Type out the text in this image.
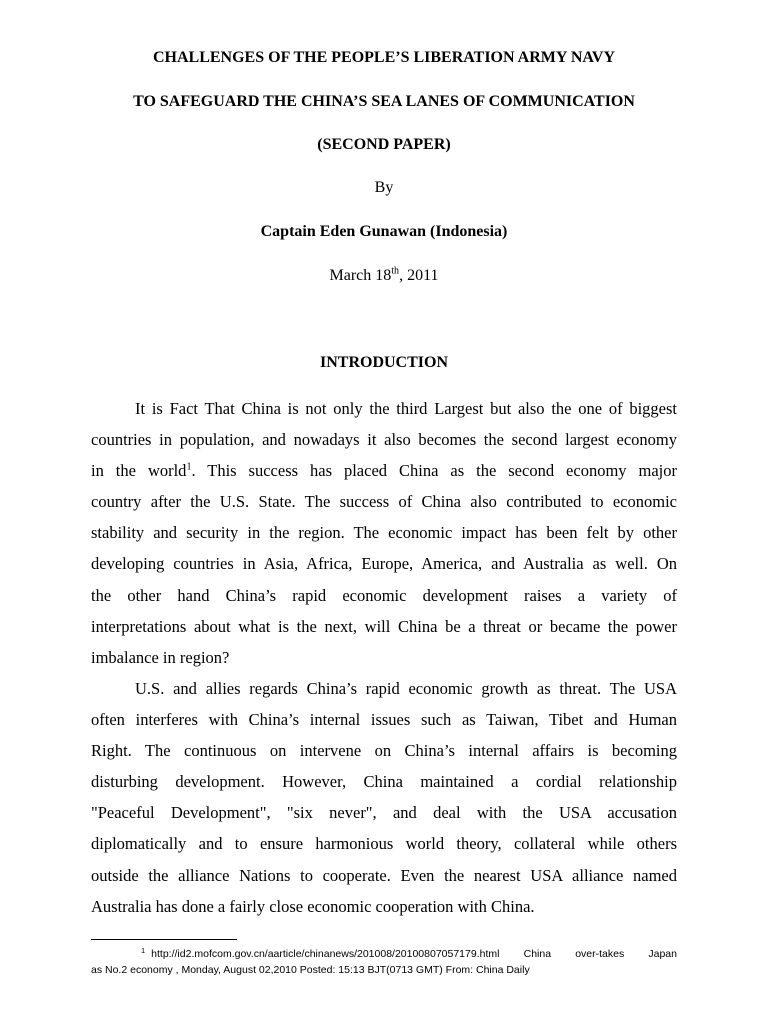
CHALLENGES OF THE PEOPLE’S LIBERATION ARMY NAVY
TO SAFEGUARD THE CHINA’S SEA LANES OF COMMUNICATION
(SECOND PAPER)
By
Captain Eden Gunawan (Indonesia)
March 18th, 2011
INTRODUCTION
It is Fact That China is not only the third Largest but also the one of biggest
countries in population, and nowadays it also becomes the second largest economy
in the world$^1$. This success has placed China as the second economy major
country after the U.S. State. The success of China also contributed to economic
stability and security in the region. The economic impact has been felt by other
developing countries in Asia, Africa, Europe, America, and Australia as well. On
the other hand China’s rapid economic development raises a variety of
interpretations about what is the next, will China be a threat or became the power
imbalance in region?
U.S. and allies regards China’s rapid economic growth as threat. The USA
often interferes with China’s internal issues such as Taiwan, Tibet and Human
Right. The continuous on intervene on China’s internal affairs is becoming
disturbing development. However, China maintained a cordial relationship
"Peaceful Development", "six never", and deal with the USA accusation
diplomatically and to ensure harmonious world theory, collateral while others
outside the alliance Nations to cooperate. Even the nearest USA alliance named
Australia has done a fairly close economic cooperation with China.
$^1$ http://id2.mofcom.gov.cn/aarticle/chinanews/201008/20100807057179.html China over-takes Japan
as No.2 economy , Monday, August 02,2010 Posted: 15:13 BJT(0713 GMT) From: China Daily
